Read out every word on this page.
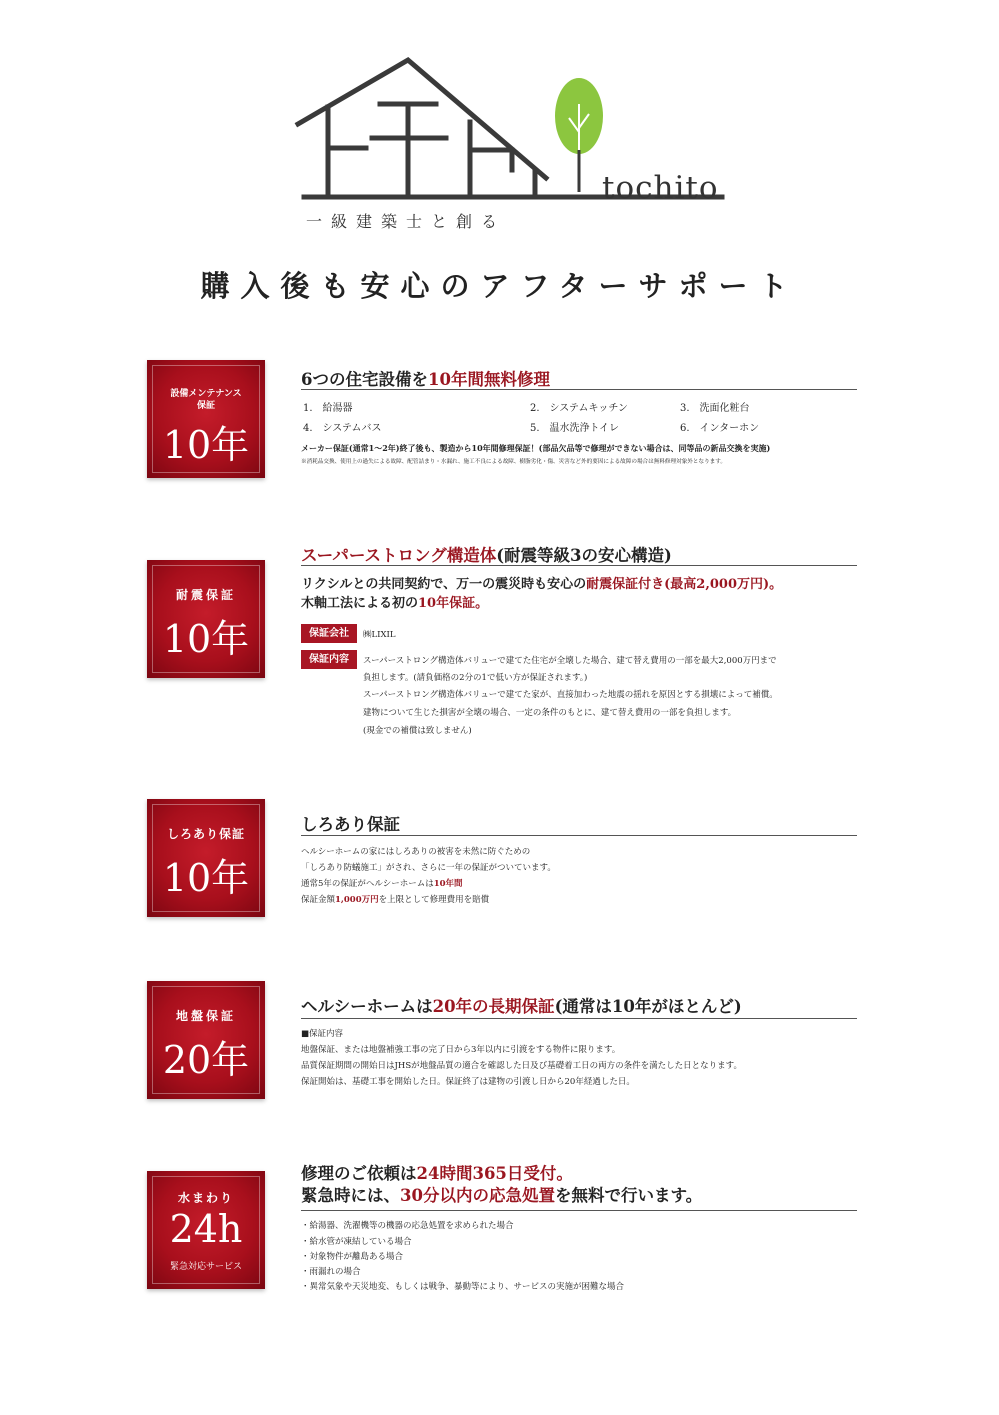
tochito
一級建築士と創る
購入後も安心のアフターサポート
設備メンテナンス
保証
10年
6つの住宅設備を10年間無料修理
1.　給湯器	2.　システムキッチン	3.　洗面化粧台
4.　システムバス	5.　温水洗浄トイレ	6.　インターホン
メーカー保証(通常1〜2年)終了後も、製造から10年間修理保証！(部品欠品等で修理ができない場合は、同等品の新品交換を実施)
※消耗品交換、使用上の過失による故障、配管詰まり・水漏れ、施工不良による故障、樹脂劣化・傷、災害など外的要因による故障の場合は無料修理対象外となります。
耐震保証
10年
スーパーストロング構造体(耐震等級3の安心構造)
リクシルとの共同契約で、万一の震災時も安心の耐震保証付き(最高2,000万円)。
木軸工法による初の10年保証。
保証会社	㈱LIXIL
保証内容	スーパーストロング構造体バリューで建てた住宅が全壊した場合、建て替え費用の一部を最大2,000万円まで
負担します。(請負価格の2分の1で低い方が保証されます。)
スーパーストロング構造体バリューで建てた家が、直接加わった地震の揺れを原因とする損壊によって補償。
建物について生じた損害が全壊の場合、一定の条件のもとに、建て替え費用の一部を負担します。
(現金での補償は致しません)
しろあり保証
10年
しろあり保証
ヘルシーホームの家にはしろありの被害を未然に防ぐための
「しろあり防蟻施工」がされ、さらに一年の保証がついています。
通常5年の保証がヘルシーホームは10年間
保証金額1,000万円を上限として修理費用を賠償
地盤保証
20年
ヘルシーホームは20年の長期保証(通常は10年がほとんど)
■保証内容
地盤保証、または地盤補強工事の完了日から3年以内に引渡をする物件に限ります。
品質保証期間の開始日はJHSが地盤品質の適合を確認した日及び基礎着工日の両方の条件を満たした日となります。
保証開始は、基礎工事を開始した日。保証終了は建物の引渡し日から20年経過した日。
水まわり
24h
緊急対応サービス
修理のご依頼は24時間365日受付。
緊急時には、30分以内の応急処置を無料で行います。
・給湯器、洗濯機等の機器の応急処置を求められた場合
・給水管が凍結している場合
・対象物件が離島ある場合
・雨漏れの場合
・異常気象や天災地変、もしくは戦争、暴動等により、サービスの実施が困難な場合
